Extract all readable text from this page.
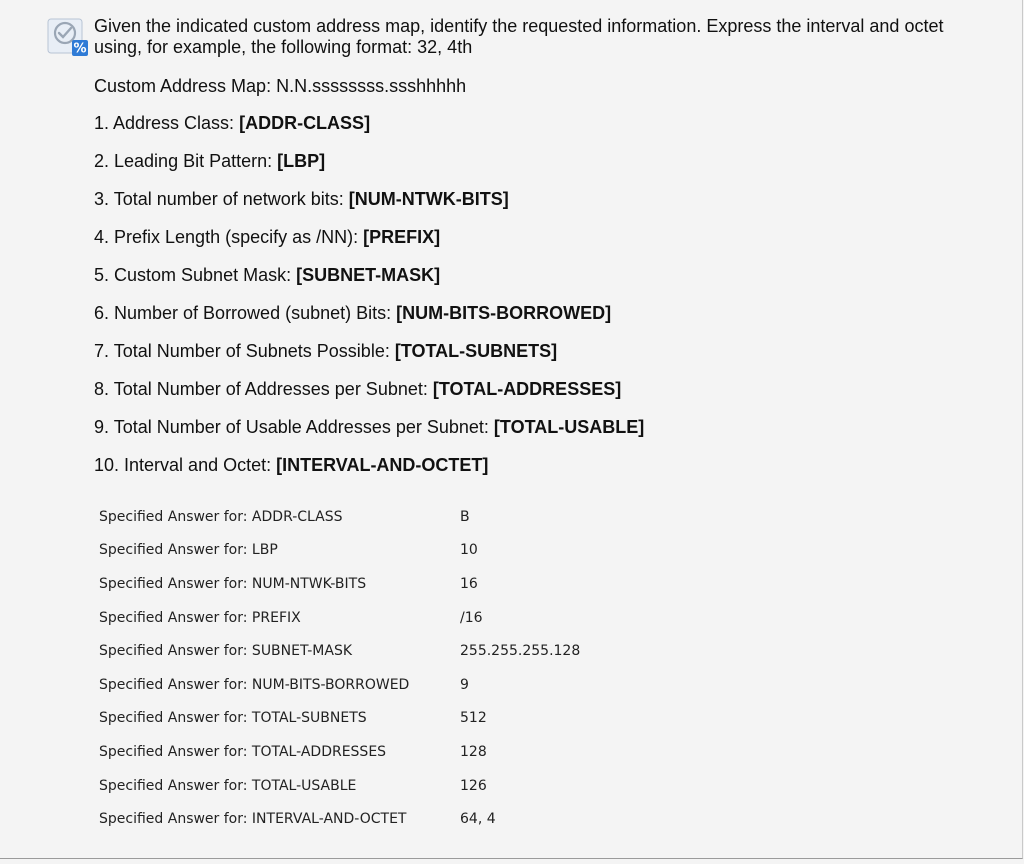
%

Given the indicated custom address map, identify the requested information. Express the interval and octet using, for example, the following format: 32, 4th

Custom Address Map: N.N.ssssssss.ssshhhhh

1. Address Class: [ADDR-CLASS]
2. Leading Bit Pattern: [LBP]
3. Total number of network bits: [NUM-NTWK-BITS]
4. Prefix Length (specify as /NN): [PREFIX]
5. Custom Subnet Mask: [SUBNET-MASK]
6. Number of Borrowed (subnet) Bits: [NUM-BITS-BORROWED]
7. Total Number of Subnets Possible: [TOTAL-SUBNETS]
8. Total Number of Addresses per Subnet: [TOTAL-ADDRESSES]
9. Total Number of Usable Addresses per Subnet: [TOTAL-USABLE]
10. Interval and Octet: [INTERVAL-AND-OCTET]
Specified Answer for: ADDR-CLASS	B
Specified Answer for: LBP	10
Specified Answer for: NUM-NTWK-BITS	16
Specified Answer for: PREFIX	/16
Specified Answer for: SUBNET-MASK	255.255.255.128
Specified Answer for: NUM-BITS-BORROWED	9
Specified Answer for: TOTAL-SUBNETS	512
Specified Answer for: TOTAL-ADDRESSES	128
Specified Answer for: TOTAL-USABLE	126
Specified Answer for: INTERVAL-AND-OCTET	64, 4
